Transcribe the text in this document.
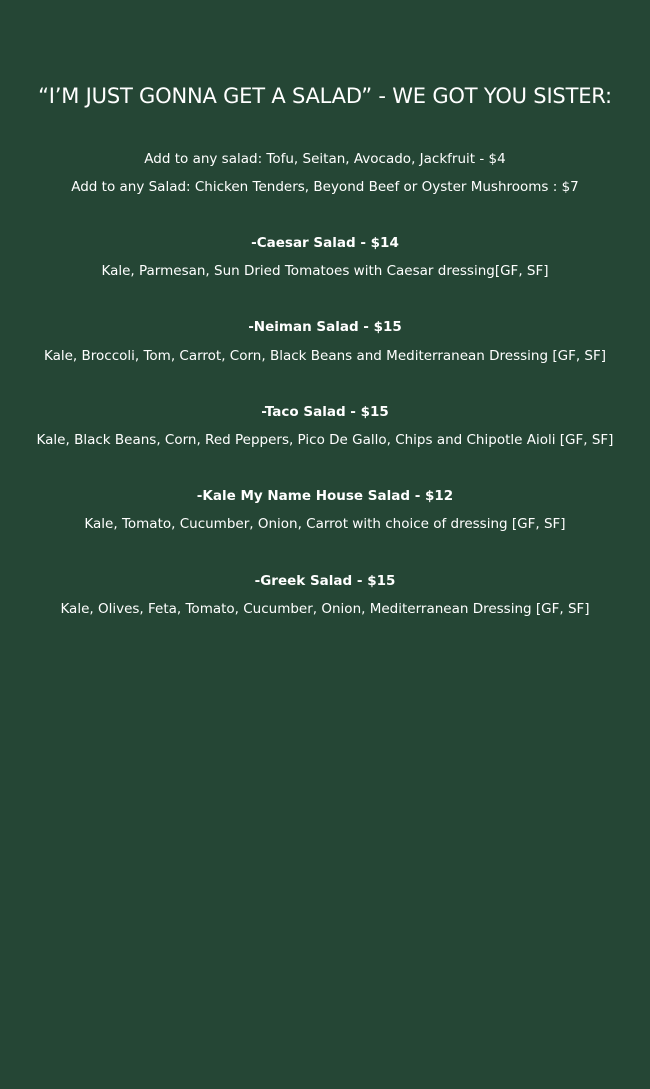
“I’M JUST GONNA GET A SALAD” - WE GOT YOU SISTER:

Add to any salad: Tofu, Seitan, Avocado, Jackfruit - $4

Add to any Salad: Chicken Tenders, Beyond Beef or Oyster Mushrooms : $7

-Caesar Salad - $14

Kale, Parmesan, Sun Dried Tomatoes with Caesar dressing[GF, SF]

-Neiman Salad - $15

Kale, Broccoli, Tom, Carrot, Corn, Black Beans and Mediterranean Dressing [GF, SF]

-Taco Salad - $15

Kale, Black Beans, Corn, Red Peppers, Pico De Gallo, Chips and Chipotle Aioli [GF, SF]

-Kale My Name House Salad - $12

Kale, Tomato, Cucumber, Onion, Carrot with choice of dressing [GF, SF]

-Greek Salad - $15

Kale, Olives, Feta, Tomato, Cucumber, Onion, Mediterranean Dressing [GF, SF]
